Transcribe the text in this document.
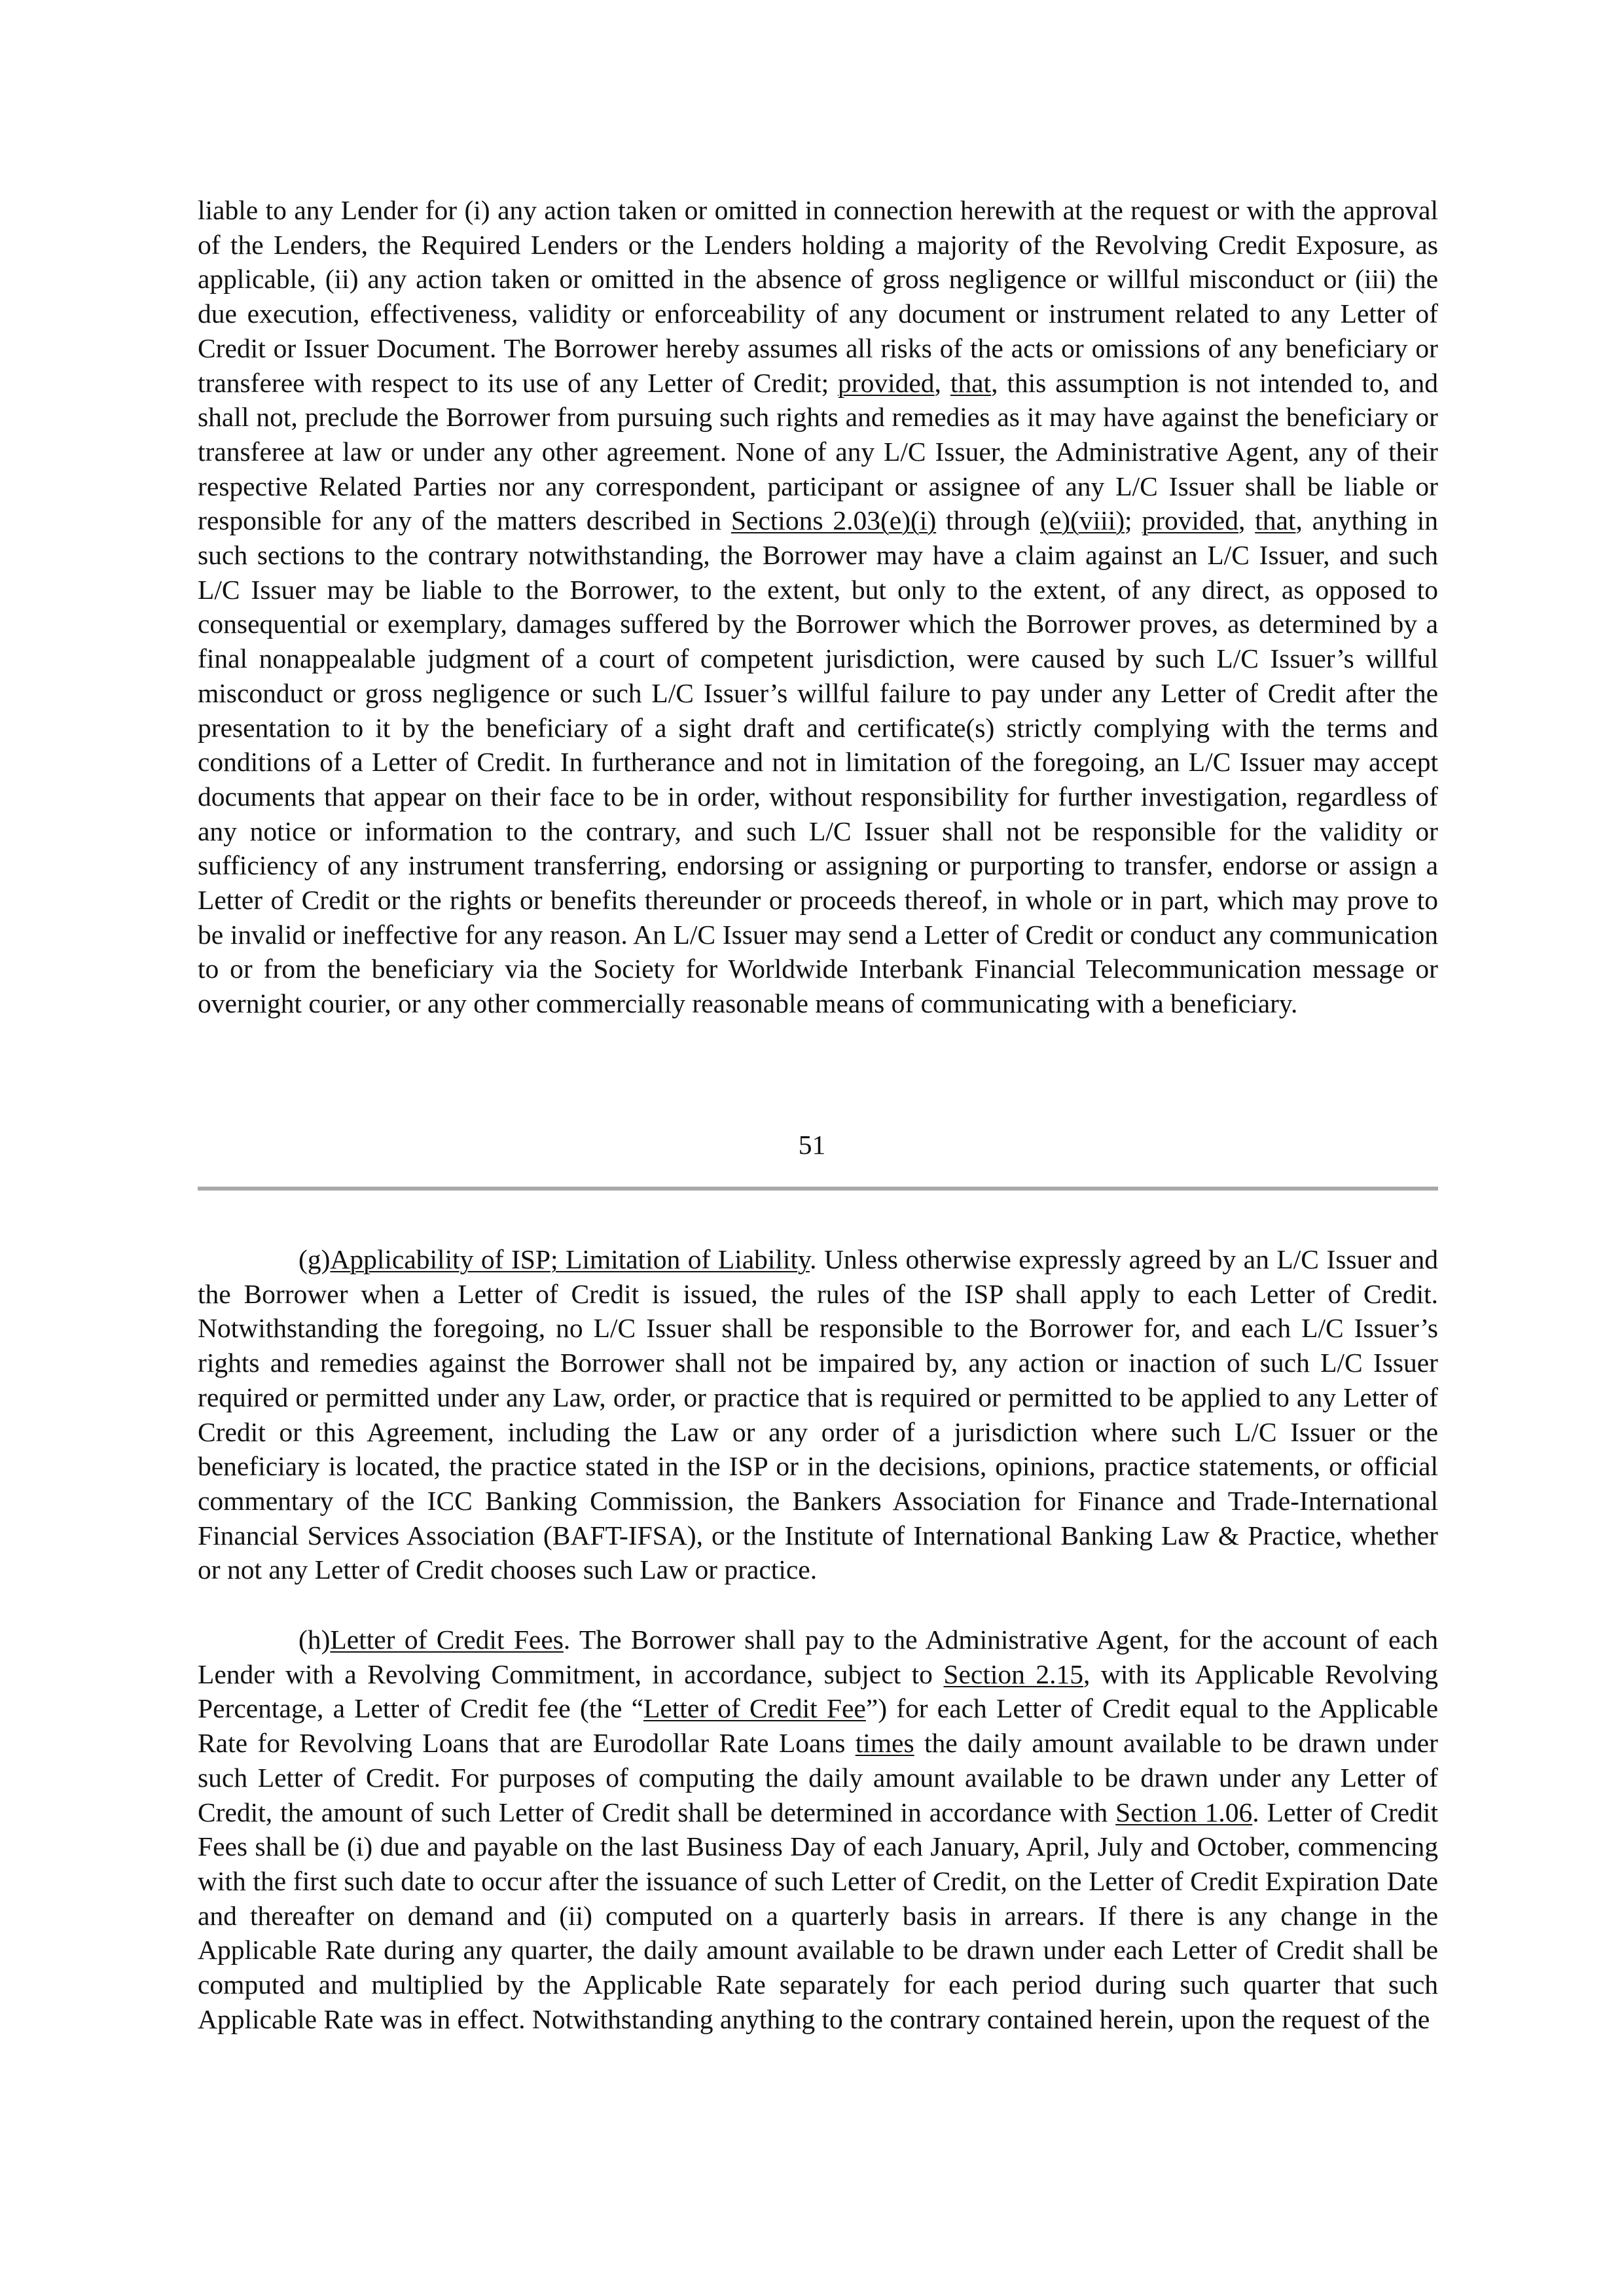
liable to any Lender for (i) any action taken or omitted in connection herewith at the request or with the approval of the Lenders, the Required Lenders or the Lenders holding a majority of the Revolving Credit Exposure, as applicable, (ii) any action taken or omitted in the absence of gross negligence or willful misconduct or (iii) the due execution, effectiveness, validity or enforceability of any document or instrument related to any Letter of Credit or Issuer Document. The Borrower hereby assumes all risks of the acts or omissions of any beneficiary or transferee with respect to its use of any Letter of Credit; provided, that, this assumption is not intended to, and shall not, preclude the Borrower from pursuing such rights and remedies as it may have against the beneficiary or transferee at law or under any other agreement. None of any L/C Issuer, the Administrative Agent, any of their respective Related Parties nor any correspondent, participant or assignee of any L/C Issuer shall be liable or responsible for any of the matters described in Sections 2.03(e)(i) through (e)(viii); provided, that, anything in such sections to the contrary notwithstanding, the Borrower may have a claim against an L/C Issuer, and such L/C Issuer may be liable to the Borrower, to the extent, but only to the extent, of any direct, as opposed to consequential or exemplary, damages suffered by the Borrower which the Borrower proves, as determined by a final nonappealable judgment of a court of competent jurisdiction, were caused by such L/C Issuer’s willful misconduct or gross negligence or such L/C Issuer’s willful failure to pay under any Letter of Credit after the presentation to it by the beneficiary of a sight draft and certificate(s) strictly complying with the terms and conditions of a Letter of Credit. In furtherance and not in limitation of the foregoing, an L/C Issuer may accept documents that appear on their face to be in order, without responsibility for further investigation, regardless of any notice or information to the contrary, and such L/C Issuer shall not be responsible for the validity or sufficiency of any instrument transferring, endorsing or assigning or purporting to transfer, endorse or assign a Letter of Credit or the rights or benefits thereunder or proceeds thereof, in whole or in part, which may prove to be invalid or ineffective for any reason. An L/C Issuer may send a Letter of Credit or conduct any communication to or from the beneficiary via the Society for Worldwide Interbank Financial Telecommunication message or overnight courier, or any other commercially reasonable means of communicating with a beneficiary.

51

(g)Applicability of ISP; Limitation of Liability. Unless otherwise expressly agreed by an L/C Issuer and the Borrower when a Letter of Credit is issued, the rules of the ISP shall apply to each Letter of Credit. Notwithstanding the foregoing, no L/C Issuer shall be responsible to the Borrower for, and each L/C Issuer’s rights and remedies against the Borrower shall not be impaired by, any action or inaction of such L/C Issuer required or permitted under any Law, order, or practice that is required or permitted to be applied to any Letter of Credit or this Agreement, including the Law or any order of a jurisdiction where such L/C Issuer or the beneficiary is located, the practice stated in the ISP or in the decisions, opinions, practice statements, or official commentary of the ICC Banking Commission, the Bankers Association for Finance and Trade-International Financial Services Association (BAFT-IFSA), or the Institute of International Banking Law & Practice, whether or not any Letter of Credit chooses such Law or practice.

(h)Letter of Credit Fees. The Borrower shall pay to the Administrative Agent, for the account of each Lender with a Revolving Commitment, in accordance, subject to Section 2.15, with its Applicable Revolving Percentage, a Letter of Credit fee (the “Letter of Credit Fee”) for each Letter of Credit equal to the Applicable Rate for Revolving Loans that are Eurodollar Rate Loans times the daily amount available to be drawn under such Letter of Credit. For purposes of computing the daily amount available to be drawn under any Letter of Credit, the amount of such Letter of Credit shall be determined in accordance with Section 1.06. Letter of Credit Fees shall be (i) due and payable on the last Business Day of each January, April, July and October, commencing with the first such date to occur after the issuance of such Letter of Credit, on the Letter of Credit Expiration Date and thereafter on demand and (ii) computed on a quarterly basis in arrears. If there is any change in the Applicable Rate during any quarter, the daily amount available to be drawn under each Letter of Credit shall be computed and multiplied by the Applicable Rate separately for each period during such quarter that such Applicable Rate was in effect. Notwithstanding anything to the contrary contained herein, upon the request of the
